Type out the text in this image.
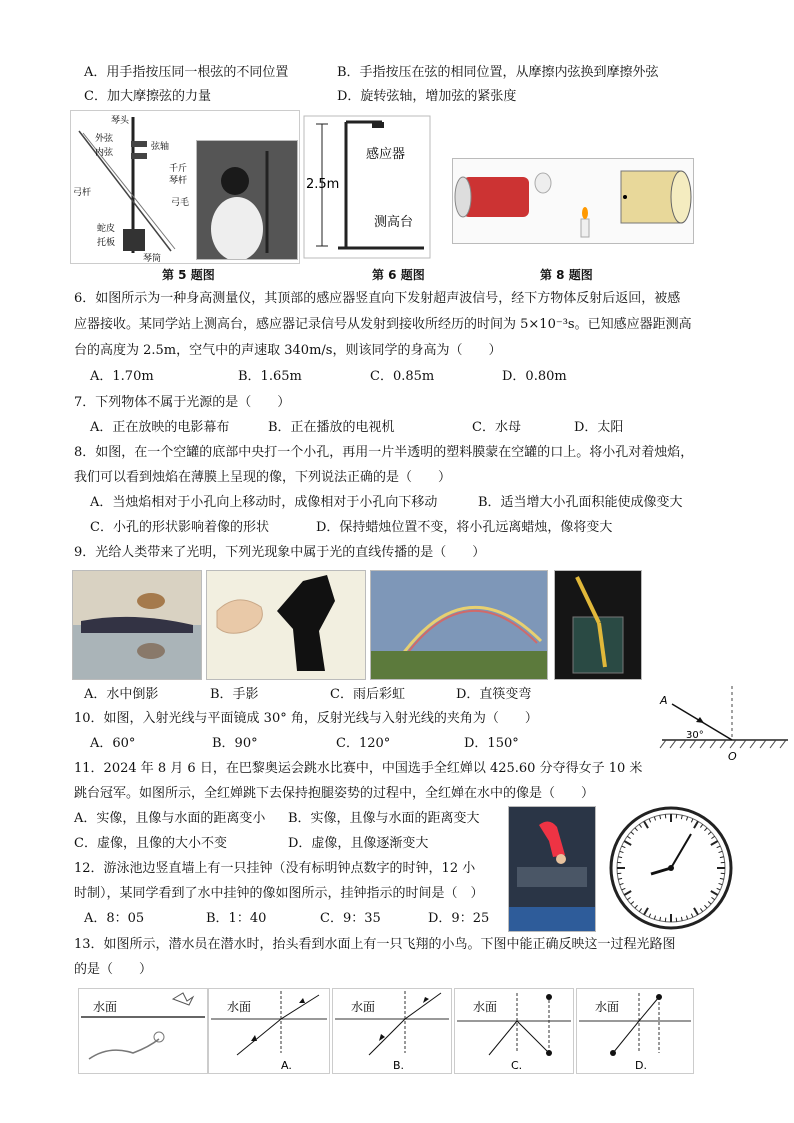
A．用手指按压同一根弦的不同位置	B．手指按压在弦的相同位置，从摩擦内弦换到摩擦外弦
C．加大摩擦弦的力量	D．旋转弦轴，增加弦的紧张度
琴头
外弦
内弦
弦轴
千斤
琴杆
弓杆
弓毛
蛇皮
托板
琴筒
第 5 题图
2.5m
感应器
测高台
第 6 题图	第 8 题图
6．如图所示为一种身高测量仪，其顶部的感应器竖直向下发射超声波信号，经下方物体反射后返回，被感
应器接收。某同学站上测高台，感应器记录信号从发射到接收所经历的时间为 5×10⁻³s。已知感应器距测高
台的高度为 2.5m，空气中的声速取 340m/s，则该同学的身高为（　　）
A．1.70m	B．1.65m	C．0.85m	D．0.80m
7．下列物体不属于光源的是（　　）
A．正在放映的电影幕布	B．正在播放的电视机	C．水母	D．太阳
8．如图，在一个空罐的底部中央打一个小孔，再用一片半透明的塑料膜蒙在空罐的口上。将小孔对着烛焰，
我们可以看到烛焰在薄膜上呈现的像，下列说法正确的是（　　）
A．当烛焰相对于小孔向上移动时，成像相对于小孔向下移动	B．适当增大小孔面积能使成像变大
C．小孔的形状影响着像的形状	D．保持蜡烛位置不变，将小孔远离蜡烛，像将变大
9．光给人类带来了光明，下列光现象中属于光的直线传播的是（　　）
A．水中倒影	B．手影	C．雨后彩虹	D．直筷变弯	A
30°
O
10．如图，入射光线与平面镜成 30° 角，反射光线与入射光线的夹角为（　　）
A．60°	B．90°	C．120°	D．150°
11．2024 年 8 月 6 日，在巴黎奥运会跳水比赛中，中国选手全红婵以 425.60 分夺得女子 10 米
跳台冠军。如图所示，全红婵跳下去保持抱腿姿势的过程中，全红婵在水中的像是（　　）
A．实像，且像与水面的距离变小 B．实像，且像与水面的距离变大
C．虚像，且像的大小不变	D．虚像，且像逐渐变大
12．游泳池边竖直墙上有一只挂钟（没有标明钟点数字的时钟，12 小
时制），某同学看到了水中挂钟的像如图所示，挂钟指示的时间是（　）
A．8：05	B．1：40	C．9：35	D．9：25
13．如图所示，潜水员在潜水时，抬头看到水面上有一只飞翔的小鸟。下图中能正确反映这一过程光路图
的是（　　）
水面	水面
A.
水面
B.
水面
C.
水面
D.
